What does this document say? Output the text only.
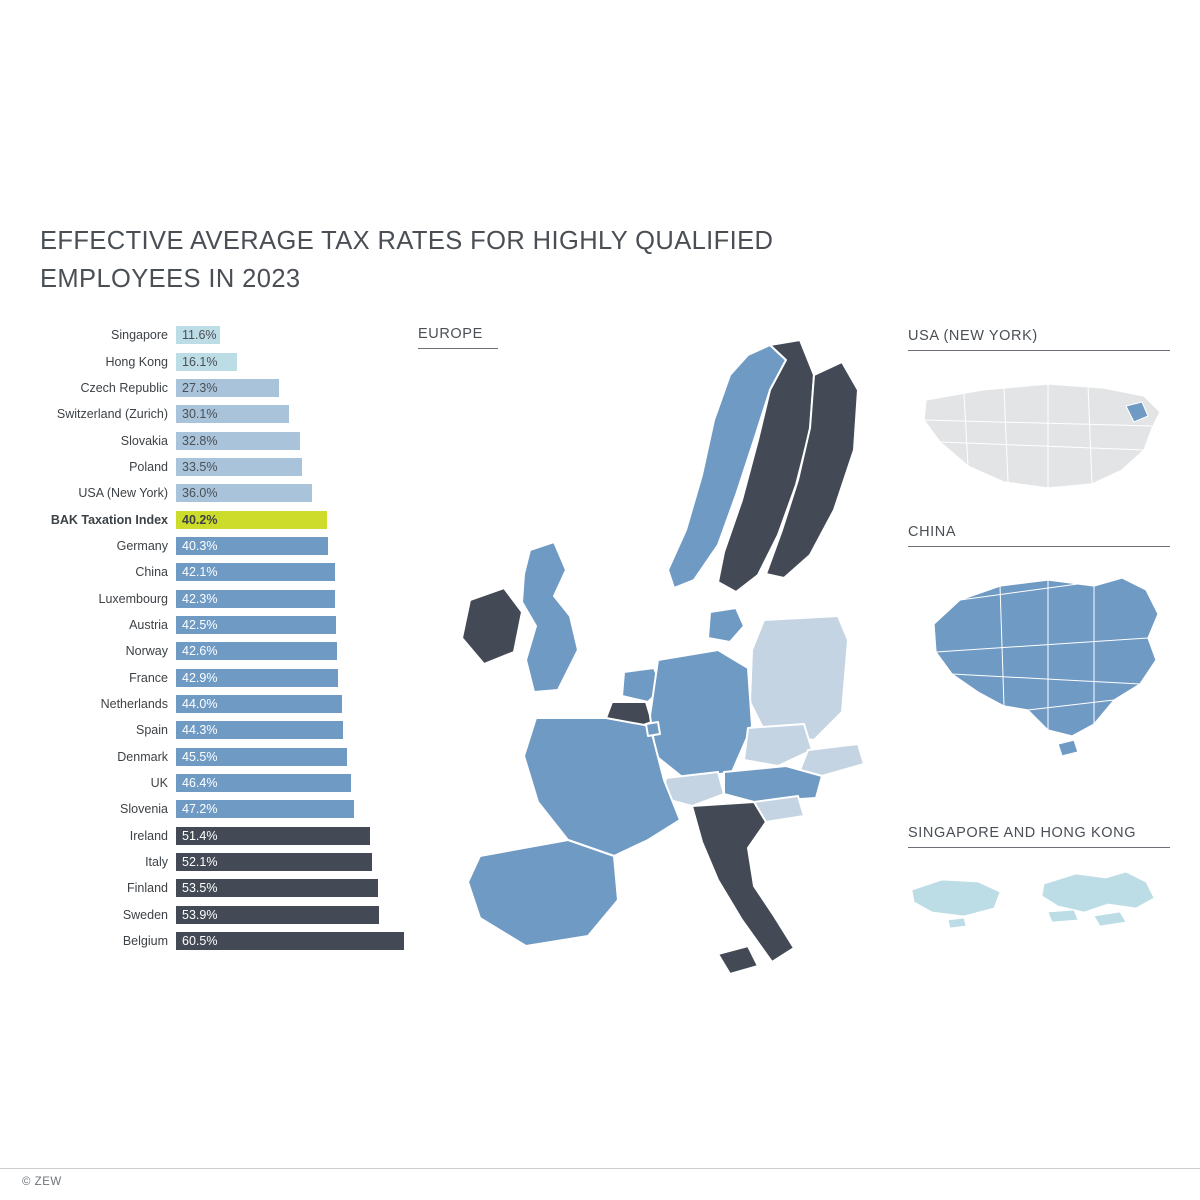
EFFECTIVE AVERAGE TAX RATES FOR HIGHLY QUALIFIED EMPLOYEES IN 2023
Singapore	11.6%
Hong Kong	16.1%
Czech Republic	27.3%
Switzerland (Zurich)	30.1%
Slovakia	32.8%
Poland	33.5%
USA (New York)	36.0%
BAK Taxation Index	40.2%
Germany	40.3%
China	42.1%
Luxembourg	42.3%
Austria	42.5%
Norway	42.6%
France	42.9%
Netherlands	44.0%
Spain	44.3%
Denmark	45.5%
UK	46.4%
Slovenia	47.2%
Ireland	51.4%
Italy	52.1%
Finland	53.5%
Sweden	53.9%
Belgium	60.5%
EUROPE	USA (NEW YORK)
CHINA
SINGAPORE AND HONG KONG
© ZEW
